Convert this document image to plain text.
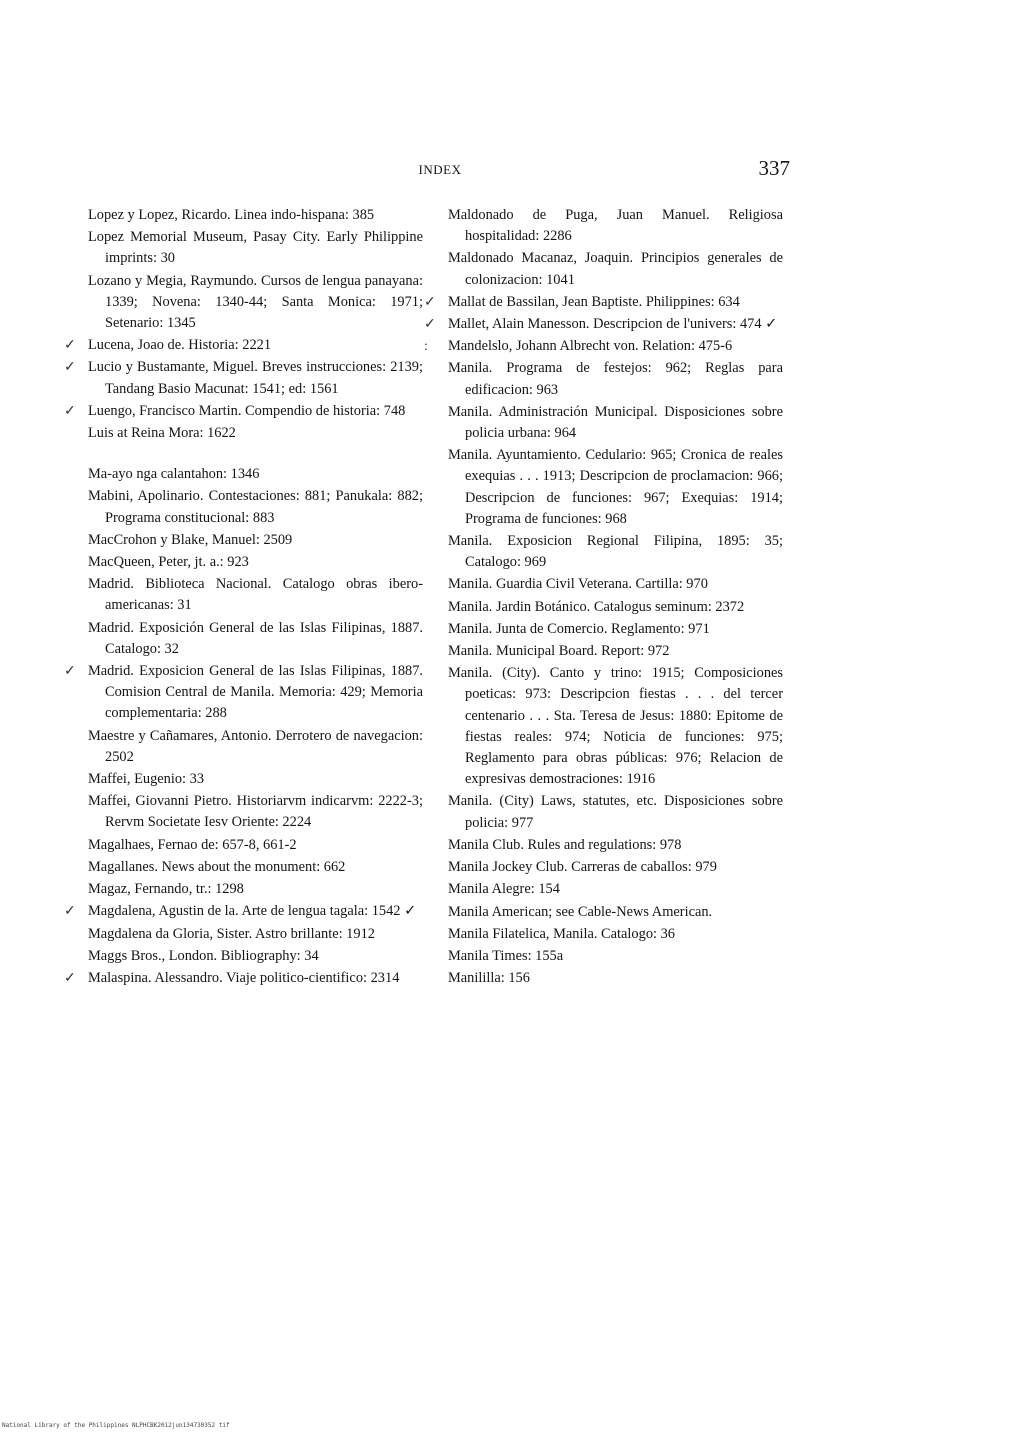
INDEX	337
Lopez y Lopez, Ricardo. Linea indo-hispana: 385
Lopez Memorial Museum, Pasay City. Early Philippine imprints: 30
Lozano y Megia, Raymundo. Cursos de lengua panayana: 1339; Novena: 1340-44; Santa Monica: 1971; Setenario: 1345
✓ Lucena, Joao de. Historia: 2221
✓ Lucio y Bustamante, Miguel. Breves instrucciones: 2139; Tandang Basio Macunat: 1541; ed: 1561
✓ Luengo, Francisco Martin. Compendio de historia: 748
Luis at Reina Mora: 1622
Ma-ayo nga calantahon: 1346
Mabini, Apolinario. Contestaciones: 881; Panukala: 882; Programa constitucional: 883
MacCrohon y Blake, Manuel: 2509
MacQueen, Peter, jt. a.: 923
Madrid. Biblioteca Nacional. Catalogo obras ibero-americanas: 31
Madrid. Exposición General de las Islas Filipinas, 1887. Catalogo: 32
✓ Madrid. Exposicion General de las Islas Filipinas, 1887. Comision Central de Manila. Memoria: 429; Memoria complementaria: 288
Maestre y Cañamares, Antonio. Derrotero de navegacion: 2502
Maffei, Eugenio: 33
Maffei, Giovanni Pietro. Historiarvm indicarvm: 2222-3; Rervm Societate Iesv Oriente: 2224
Magalhaes, Fernao de: 657-8, 661-2
Magallanes. News about the monument: 662
Magaz, Fernando, tr.: 1298
✓ Magdalena, Agustin de la. Arte de lengua tagala: 1542 ✓
Magdalena da Gloria, Sister. Astro brillante: 1912
Maggs Bros., London. Bibliography: 34
✓ Malaspina. Alessandro. Viaje politico-cientifico: 2314
Maldonado de Puga, Juan Manuel. Religiosa hospitalidad: 2286
Maldonado Macanaz, Joaquin. Principios generales de colonizacion: 1041
✓ Mallat de Bassilan, Jean Baptiste. Philippines: 634
✓ Mallet, Alain Manesson. Descripcion de l'univers: 474 ✓
: Mandelslo, Johann Albrecht von. Relation: 475-6
Manila. Programa de festejos: 962; Reglas para edificacion: 963
Manila. Administración Municipal. Disposiciones sobre policia urbana: 964
Manila. Ayuntamiento. Cedulario: 965; Cronica de reales exequias . . . 1913; Descripcion de proclamacion: 966; Descripcion de funciones: 967; Exequias: 1914; Programa de funciones: 968
Manila. Exposicion Regional Filipina, 1895: 35; Catalogo: 969
Manila. Guardia Civil Veterana. Cartilla: 970
Manila. Jardin Botánico. Catalogus seminum: 2372
Manila. Junta de Comercio. Reglamento: 971
Manila. Municipal Board. Report: 972
Manila. (City). Canto y trino: 1915; Composiciones poeticas: 973: Descripcion fiestas . . . del tercer centenario . . . Sta. Teresa de Jesus: 1880: Epitome de fiestas reales: 974; Noticia de funciones: 975; Reglamento para obras públicas: 976; Relacion de expresivas demostraciones: 1916
Manila. (City) Laws, statutes, etc. Disposiciones sobre policia: 977
Manila Club. Rules and regulations: 978
Manila Jockey Club. Carreras de caballos: 979
Manila Alegre: 154
Manila American; see Cable-News American.
Manila Filatelica, Manila. Catalogo: 36
Manila Times: 155a
Manililla: 156
National Library of the Philippines NLPHCBK2012jun134730352 tif
